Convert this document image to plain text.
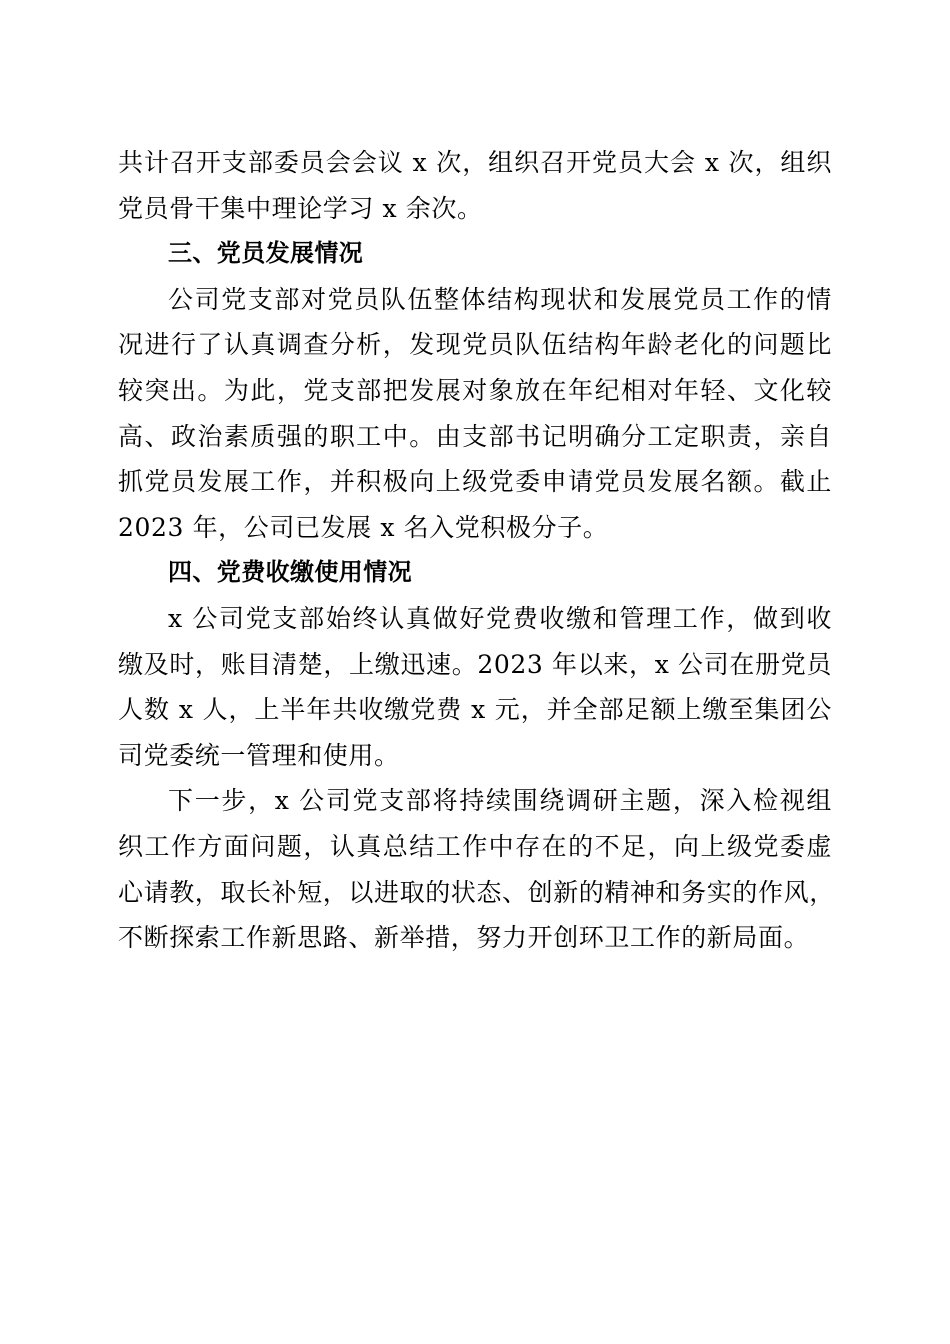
共计召开支部委员会会议 x 次，组织召开党员大会 x 次，组织
党员骨干集中理论学习 x 余次。
三、党员发展情况
公司党支部对党员队伍整体结构现状和发展党员工作的情
况进行了认真调查分析，发现党员队伍结构年龄老化的问题比
较突出。为此，党支部把发展对象放在年纪相对年轻、文化较
高、政治素质强的职工中。由支部书记明确分工定职责，亲自
抓党员发展工作，并积极向上级党委申请党员发展名额。截止
2023 年，公司已发展 x 名入党积极分子。
四、党费收缴使用情况
x 公司党支部始终认真做好党费收缴和管理工作，做到收
缴及时，账目清楚，上缴迅速。2023 年以来，x 公司在册党员
人数 x 人，上半年共收缴党费 x 元，并全部足额上缴至集团公
司党委统一管理和使用。
下一步，x 公司党支部将持续围绕调研主题，深入检视组
织工作方面问题，认真总结工作中存在的不足，向上级党委虚
心请教，取长补短，以进取的状态、创新的精神和务实的作风，
不断探索工作新思路、新举措，努力开创环卫工作的新局面。
